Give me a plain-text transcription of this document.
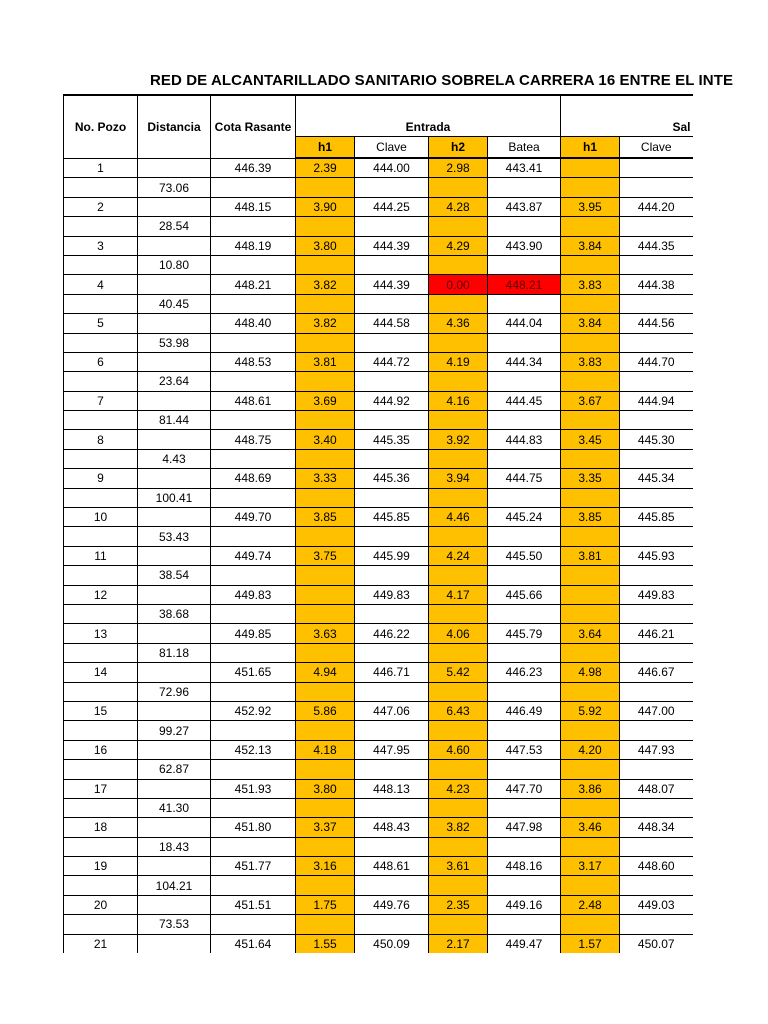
RED DE ALCANTARILLADO SANITARIO SOBRELA CARRERA 16 ENTRE EL INTE
No. Pozo	Distancia	Cota Rasante	Entrada				Sal	
			h1	Clave	h2	Batea	h1	Clave
1		446.39	2.39	444.00	2.98	443.41		
	73.06							
2		448.15	3.90	444.25	4.28	443.87	3.95	444.20
	28.54							
3		448.19	3.80	444.39	4.29	443.90	3.84	444.35
	10.80							
4		448.21	3.82	444.39	0.00	448.21	3.83	444.38
	40.45							
5		448.40	3.82	444.58	4.36	444.04	3.84	444.56
	53.98							
6		448.53	3.81	444.72	4.19	444.34	3.83	444.70
	23.64							
7		448.61	3.69	444.92	4.16	444.45	3.67	444.94
	81.44							
8		448.75	3.40	445.35	3.92	444.83	3.45	445.30
	4.43							
9		448.69	3.33	445.36	3.94	444.75	3.35	445.34
	100.41							
10		449.70	3.85	445.85	4.46	445.24	3.85	445.85
	53.43							
11		449.74	3.75	445.99	4.24	445.50	3.81	445.93
	38.54							
12		449.83		449.83	4.17	445.66		449.83
	38.68							
13		449.85	3.63	446.22	4.06	445.79	3.64	446.21
	81.18							
14		451.65	4.94	446.71	5.42	446.23	4.98	446.67
	72.96							
15		452.92	5.86	447.06	6.43	446.49	5.92	447.00
	99.27							
16		452.13	4.18	447.95	4.60	447.53	4.20	447.93
	62.87							
17		451.93	3.80	448.13	4.23	447.70	3.86	448.07
	41.30							
18		451.80	3.37	448.43	3.82	447.98	3.46	448.34
	18.43							
19		451.77	3.16	448.61	3.61	448.16	3.17	448.60
	104.21							
20		451.51	1.75	449.76	2.35	449.16	2.48	449.03
	73.53							
21		451.64	1.55	450.09	2.17	449.47	1.57	450.07
